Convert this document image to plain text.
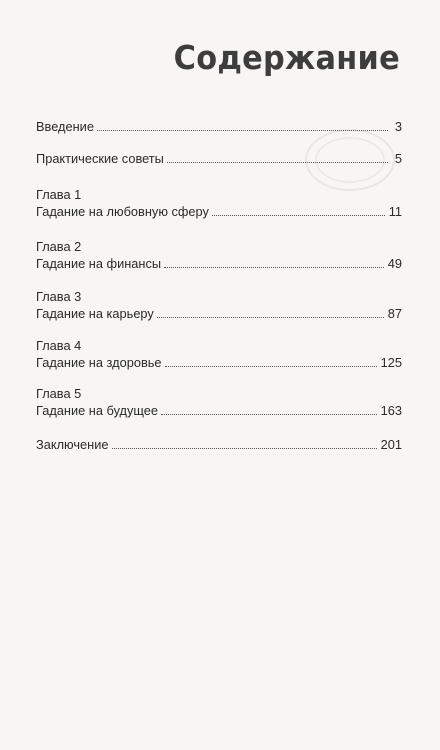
Содержание
Введение	3
Практические советы	5
Глава 1
Гадание на любовную сферу	11
Глава 2
Гадание на финансы	49
Глава 3
Гадание на карьеру	87
Глава 4
Гадание на здоровье	125
Глава 5
Гадание на будущее	163
Заключение	201
